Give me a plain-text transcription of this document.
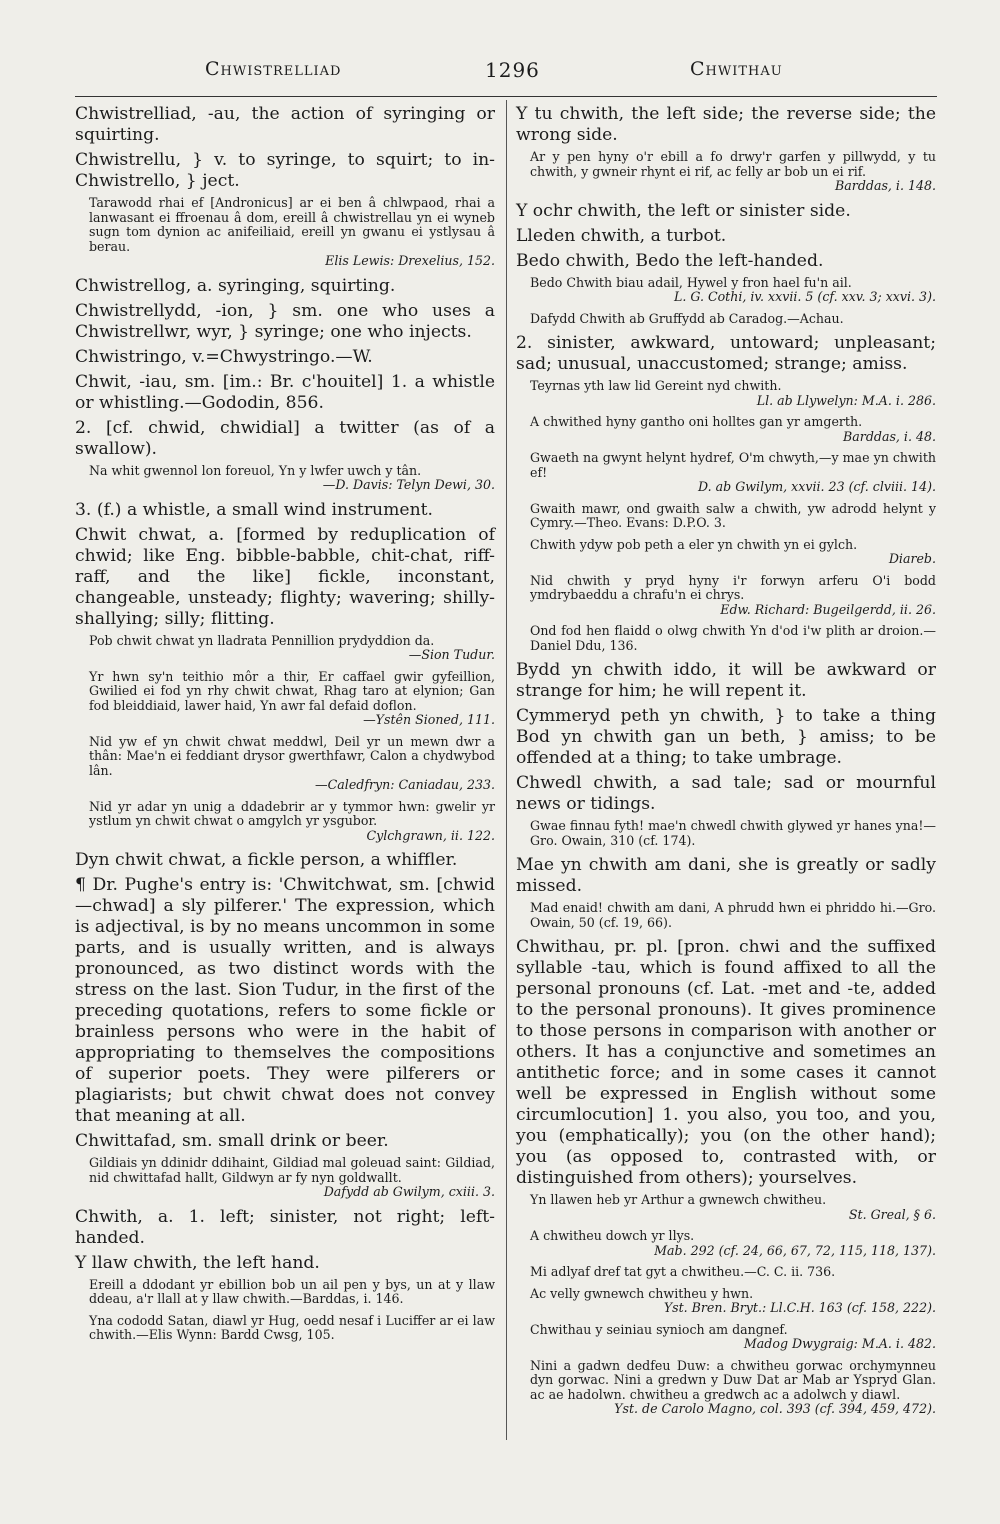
Chwistrelliad	1296	Chwithau
Chwistrelliad, -au, the action of syringing or squirting.
Chwistrellu, } v. to syringe, to squirt; to in- Chwistrello, } ject.
Tarawodd rhai ef [Andronicus] ar ei ben â chlwpaod, rhai a lanwasant ei ffroenau â dom, ereill â chwistrellau yn ei wyneb sugn tom dynion ac anifeiliaid, ereill yn gwanu ei ystlysau â berau.
Elis Lewis: Drexelius, 152.
Chwistrellog, a. syringing, squirting.
Chwistrellydd, -ion, } sm. one who uses a Chwistrellwr, wyr, } syringe; one who injects.
Chwistringo, v.=Chwystringo.—W.
Chwit, -iau, sm. [im.: Br. c'houitel] 1. a whistle or whistling.—Gododin, 856.
2. [cf. chwid, chwidial] a twitter (as of a swallow).
Na whit gwennol lon foreuol, Yn y lwfer uwch y tân.
—D. Davis: Telyn Dewi, 30.
3. (f.) a whistle, a small wind instrument.
Chwit chwat, a. [formed by reduplication of chwid; like Eng. bibble-babble, chit-chat, riff-raff, and the like] fickle, inconstant, changeable, unsteady; flighty; wavering; shilly-shallying; silly; flitting.
Pob chwit chwat yn lladrata Pennillion prydyddion da.
—Sion Tudur.
Yr hwn sy'n teithio môr a thir, Er caffael gwir gyfeillion, Gwilied ei fod yn rhy chwit chwat, Rhag taro at elynion; Gan fod bleiddiaid, lawer haid, Yn awr fal defaid doflon.
—Ystên Sioned, 111.
Nid yw ef yn chwit chwat meddwl, Deil yr un mewn dwr a thân: Mae'n ei feddiant drysor gwerthfawr, Calon a chydwybod lân.
—Caledfryn: Caniadau, 233.
Nid yr adar yn unig a ddadebrir ar y tymmor hwn: gwelir yr ystlum yn chwit chwat o amgylch yr ysgubor.
Cylchgrawn, ii. 122.
Dyn chwit chwat, a fickle person, a whiffler.
¶ Dr. Pughe's entry is: 'Chwitchwat, sm. [chwid—chwad] a sly pilferer.' The expression, which is adjectival, is by no means uncommon in some parts, and is usually written, and is always pronounced, as two distinct words with the stress on the last. Sion Tudur, in the first of the preceding quotations, refers to some fickle or brainless persons who were in the habit of appropriating to themselves the compositions of superior poets. They were pilferers or plagiarists; but chwit chwat does not convey that meaning at all.
Chwittafad, sm. small drink or beer.
Gildiais yn ddinidr ddihaint, Gildiad mal goleuad saint: Gildiad, nid chwittafad hallt, Gildwyn ar fy nyn goldwallt.
Dafydd ab Gwilym, cxiii. 3.
Chwith, a. 1. left; sinister, not right; left-handed.
Y llaw chwith, the left hand.
Ereill a ddodant yr ebillion bob un ail pen y bys, un at y llaw ddeau, a'r llall at y llaw chwith.—Barddas, i. 146.
Yna cododd Satan, diawl yr Hug, oedd nesaf i Luciffer ar ei law chwith.—Elis Wynn: Bardd Cwsg, 105.
Y tu chwith, the left side; the reverse side; the wrong side.
Ar y pen hyny o'r ebill a fo drwy'r garfen y pillwydd, y tu chwith, y gwneir rhynt ei rif, ac felly ar bob un ei rif.
Barddas, i. 148.
Y ochr chwith, the left or sinister side.
Lleden chwith, a turbot.
Bedo chwith, Bedo the left-handed.
Bedo Chwith biau adail, Hywel y fron hael fu'n ail.
L. G. Cothi, iv. xxvii. 5 (cf. xxv. 3; xxvi. 3).
Dafydd Chwith ab Gruffydd ab Caradog.—Achau.
2. sinister, awkward, untoward; unpleasant; sad; unusual, unaccustomed; strange; amiss.
Teyrnas yth law lid Gereint nyd chwith.
Ll. ab Llywelyn: M.A. i. 286.
A chwithed hyny gantho oni holltes gan yr amgerth.
Barddas, i. 48.
Gwaeth na gwynt helynt hydref, O'm chwyth,—y mae yn chwith ef!
D. ab Gwilym, xxvii. 23 (cf. clviii. 14).
Gwaith mawr, ond gwaith salw a chwith, yw adrodd helynt y Cymry.—Theo. Evans: D.P.O. 3.
Chwith ydyw pob peth a eler yn chwith yn ei gylch.
Diareb.
Nid chwith y pryd hyny i'r forwyn arferu O'i bodd ymdrybaeddu a chrafu'n ei chrys.
Edw. Richard: Bugeilgerdd, ii. 26.
Ond fod hen flaidd o olwg chwith Yn d'od i'w plith ar droion.—Daniel Ddu, 136.
Bydd yn chwith iddo, it will be awkward or strange for him; he will repent it.
Cymmeryd peth yn chwith, } to take a thing Bod yn chwith gan un beth, } amiss; to be offended at a thing; to take umbrage.
Chwedl chwith, a sad tale; sad or mournful news or tidings.
Gwae finnau fyth! mae'n chwedl chwith glywed yr hanes yna!—Gro. Owain, 310 (cf. 174).
Mae yn chwith am dani, she is greatly or sadly missed.
Mad enaid! chwith am dani, A phrudd hwn ei phriddo hi.—Gro. Owain, 50 (cf. 19, 66).
Chwithau, pr. pl. [pron. chwi and the suffixed syllable -tau, which is found affixed to all the personal pronouns (cf. Lat. -met and -te, added to the personal pronouns). It gives prominence to those persons in comparison with another or others. It has a conjunctive and sometimes an antithetic force; and in some cases it cannot well be expressed in English without some circumlocution] 1. you also, you too, and you, you (emphatically); you (on the other hand); you (as opposed to, contrasted with, or distinguished from others); yourselves.
Yn llawen heb yr Arthur a gwnewch chwitheu.
St. Greal, § 6.
A chwitheu dowch yr llys.
Mab. 292 (cf. 24, 66, 67, 72, 115, 118, 137).
Mi adlyaf dref tat gyt a chwitheu.—C. C. ii. 736.
Ac velly gwnewch chwitheu y hwn.
Yst. Bren. Bryt.: Ll.C.H. 163 (cf. 158, 222).
Chwithau y seiniau synioch am dangnef.
Madog Dwygraig: M.A. i. 482.
Nini a gadwn dedfeu Duw: a chwitheu gorwac orchymynneu dyn gorwac. Nini a gredwn y Duw Dat ar Mab ar Yspryd Glan. ac ae hadolwn. chwitheu a gredwch ac a adolwch y diawl.
Yst. de Carolo Magno, col. 393 (cf. 394, 459, 472).
